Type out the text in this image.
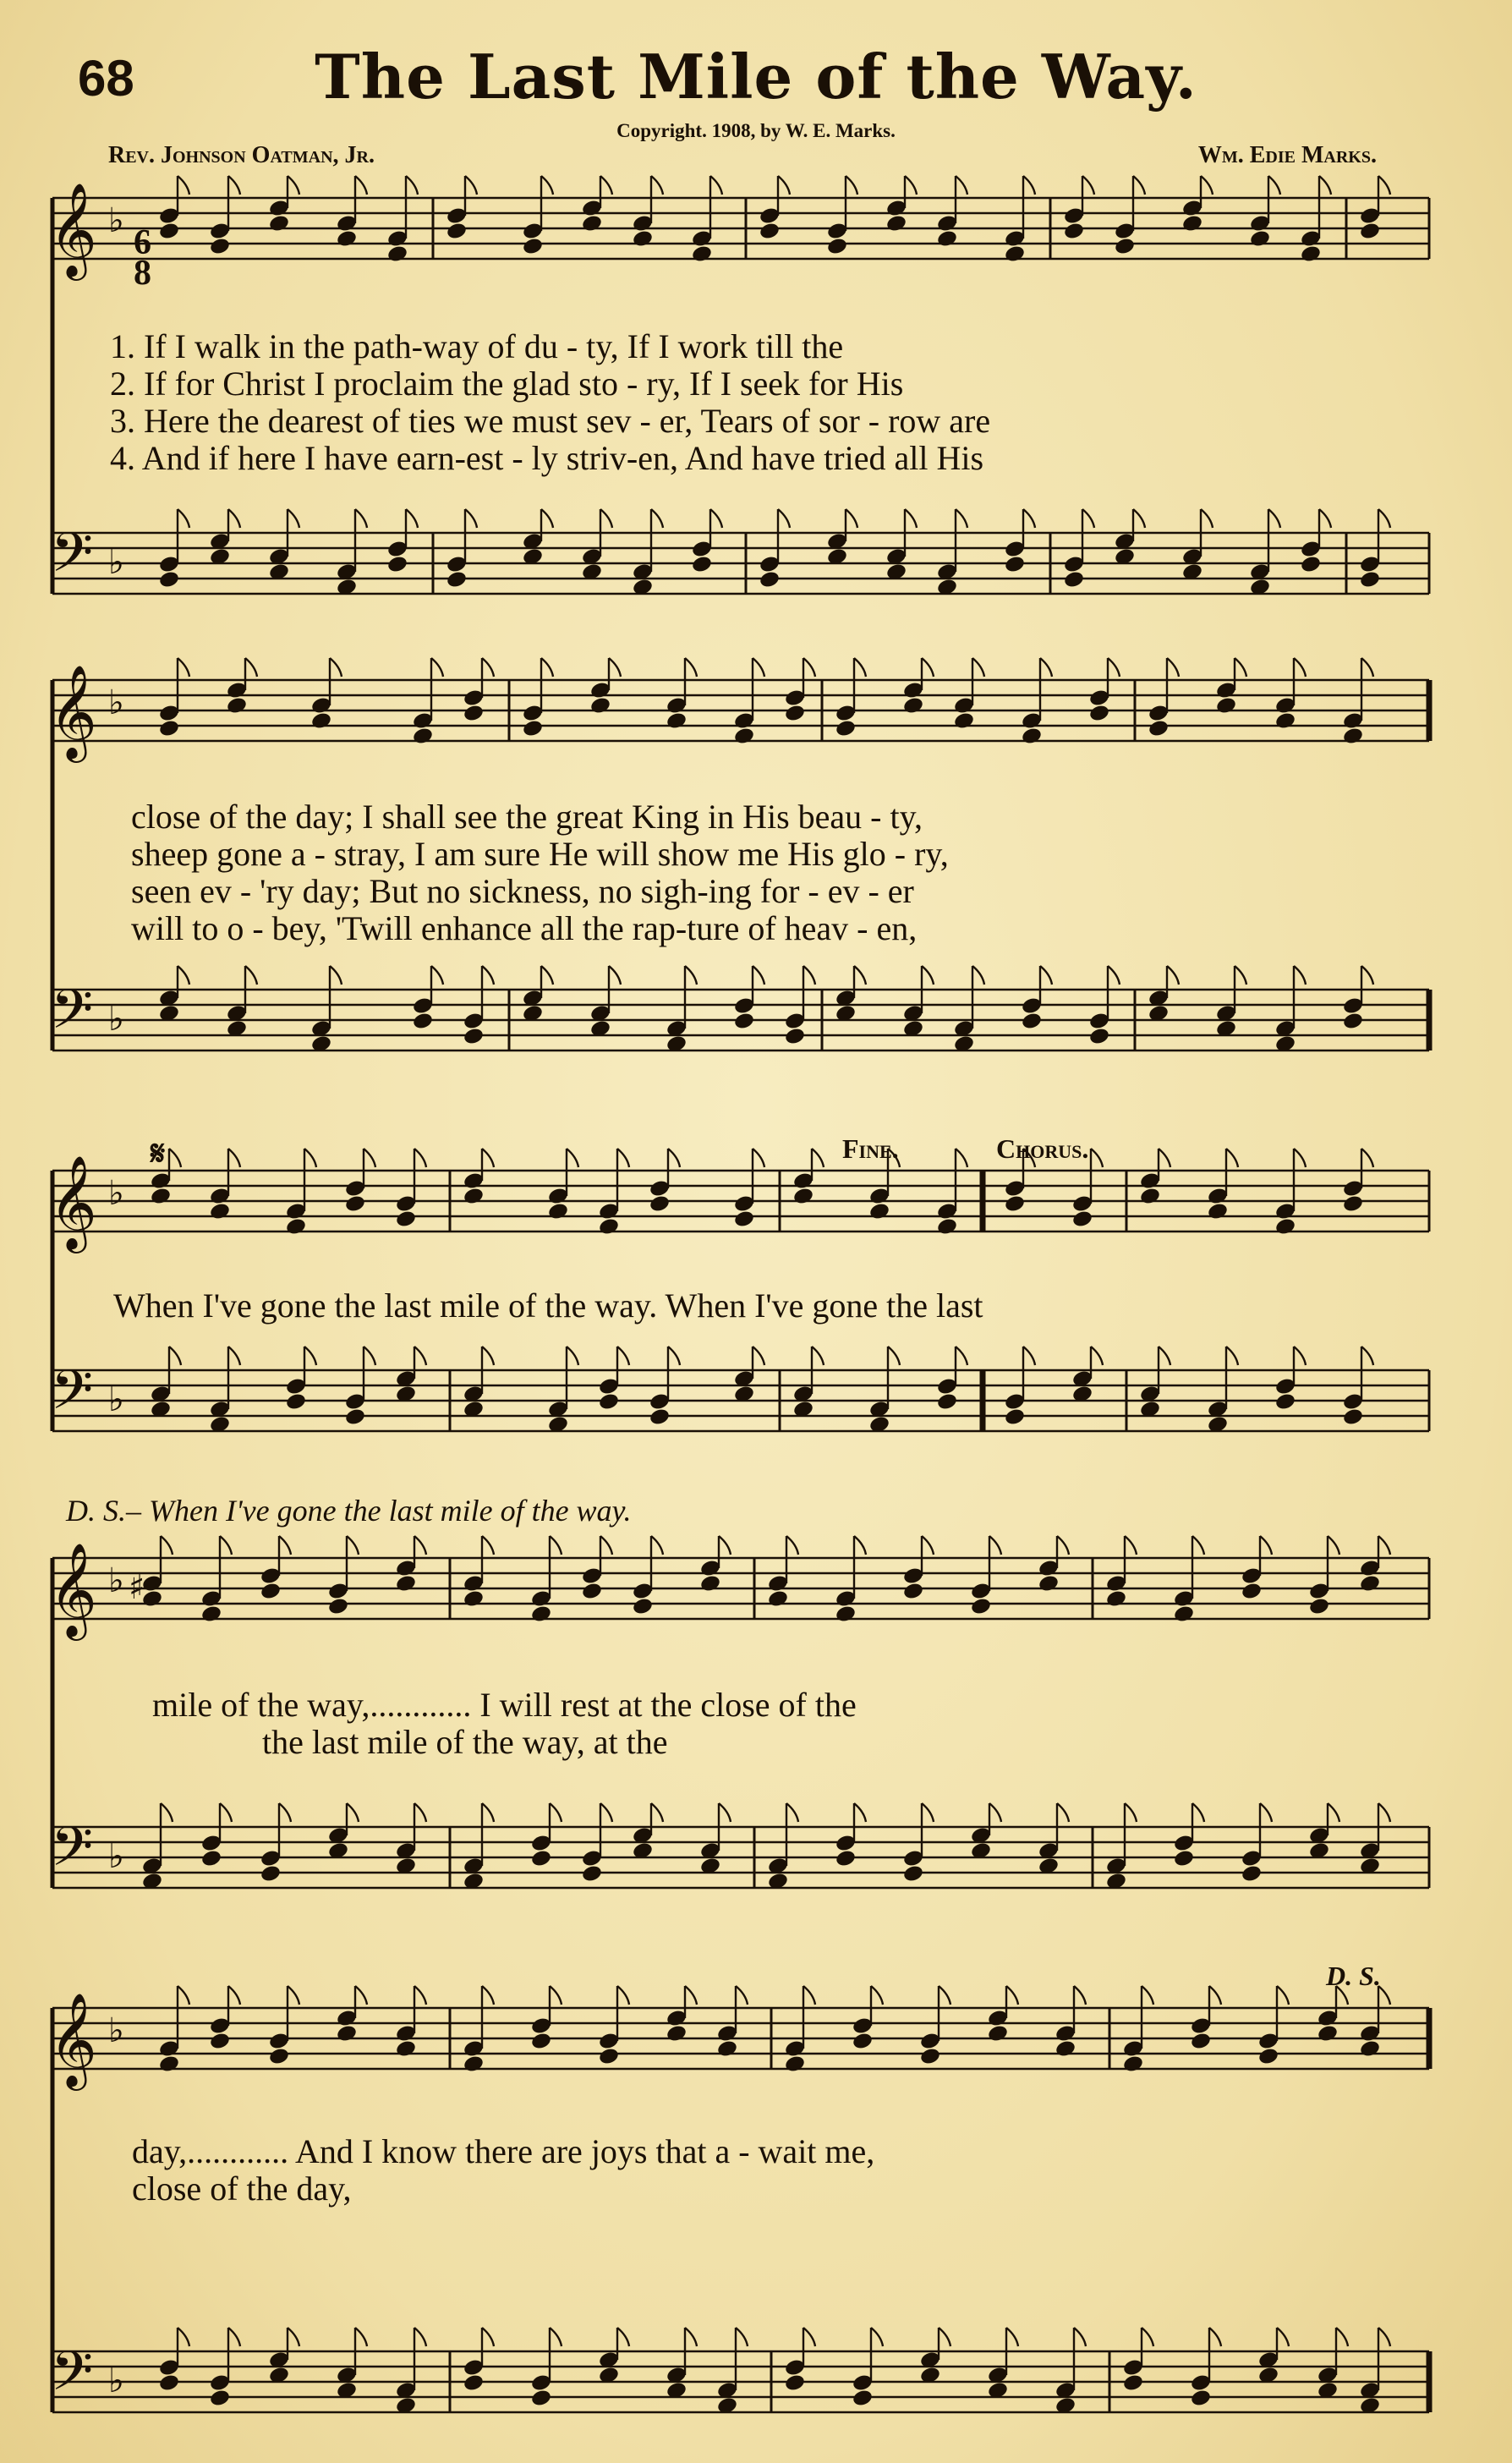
68	The Last Mile of the Way.
Copyright. 1908, by W. E. Marks.
Rev. Johnson Oatman, Jr.	Wm. Edie Marks.
𝄞
𝄢
♭
♭
6
8
1. If I walk in the path-way of du - ty, If I work till the
2. If for Christ I proclaim the glad sto - ry, If I seek for His
3. Here the dearest of ties we must sev - er, Tears of sor - row are
4. And if here I have earn-est - ly striv-en, And have tried all His
𝄞
𝄢
♭
♭
close of the day; I shall see the great King in His beau - ty,
sheep gone a - stray, I am sure He will show me His glo - ry,
seen ev - 'ry day; But no sickness, no sigh-ing for - ev - er
will to o - bey, 'Twill enhance all the rap-ture of heav - en,
𝄋	Fine.	Chorus.
𝄞
𝄢
♭
♭
When I've gone the last mile of the way. When I've gone the last
D. S.– When I've gone the last mile of the way.
𝄞
𝄢
♭
♭
♯
mile of the way,............ I will rest at the close of the
the last mile of the way, at the
D. S.
𝄞
𝄢
♭
♭
day,............ And I know there are joys that a - wait me,
close of the day,
